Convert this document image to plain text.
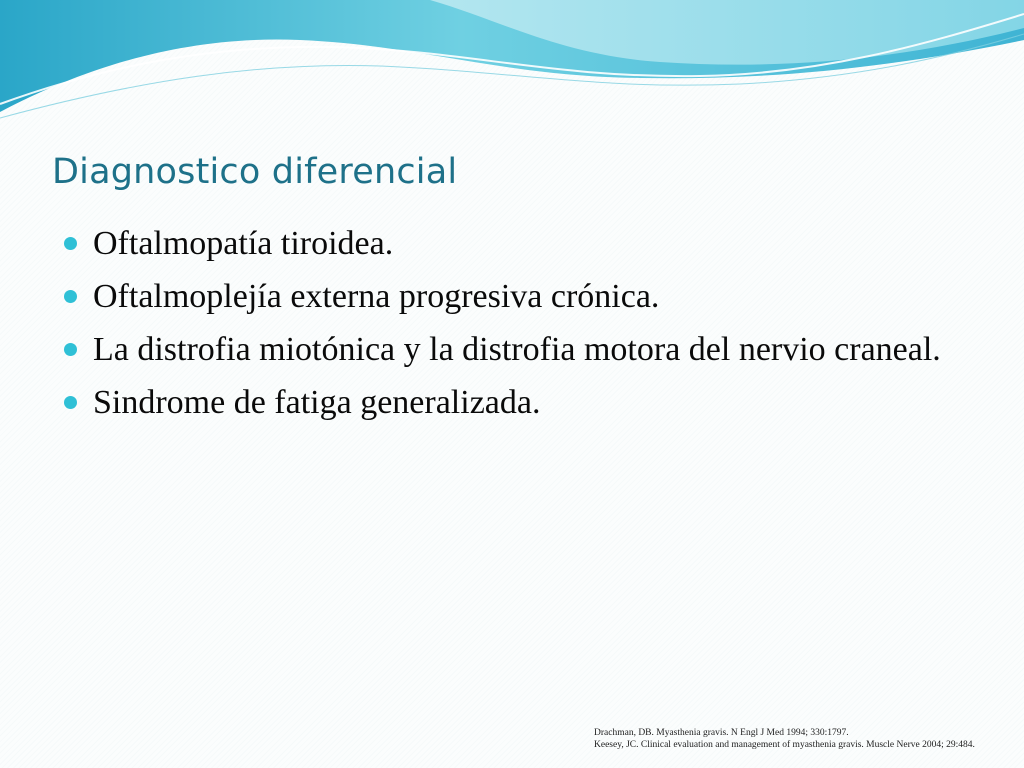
Diagnostico diferencial
Oftalmopatía tiroidea.
Oftalmoplejía externa progresiva crónica.
La distrofia miotónica y la distrofia motora del nervio craneal.
Sindrome de fatiga generalizada.
Drachman, DB. Myasthenia gravis. N Engl J Med 1994; 330:1797.
Keesey, JC. Clinical evaluation and management of myasthenia gravis. Muscle Nerve 2004; 29:484.
